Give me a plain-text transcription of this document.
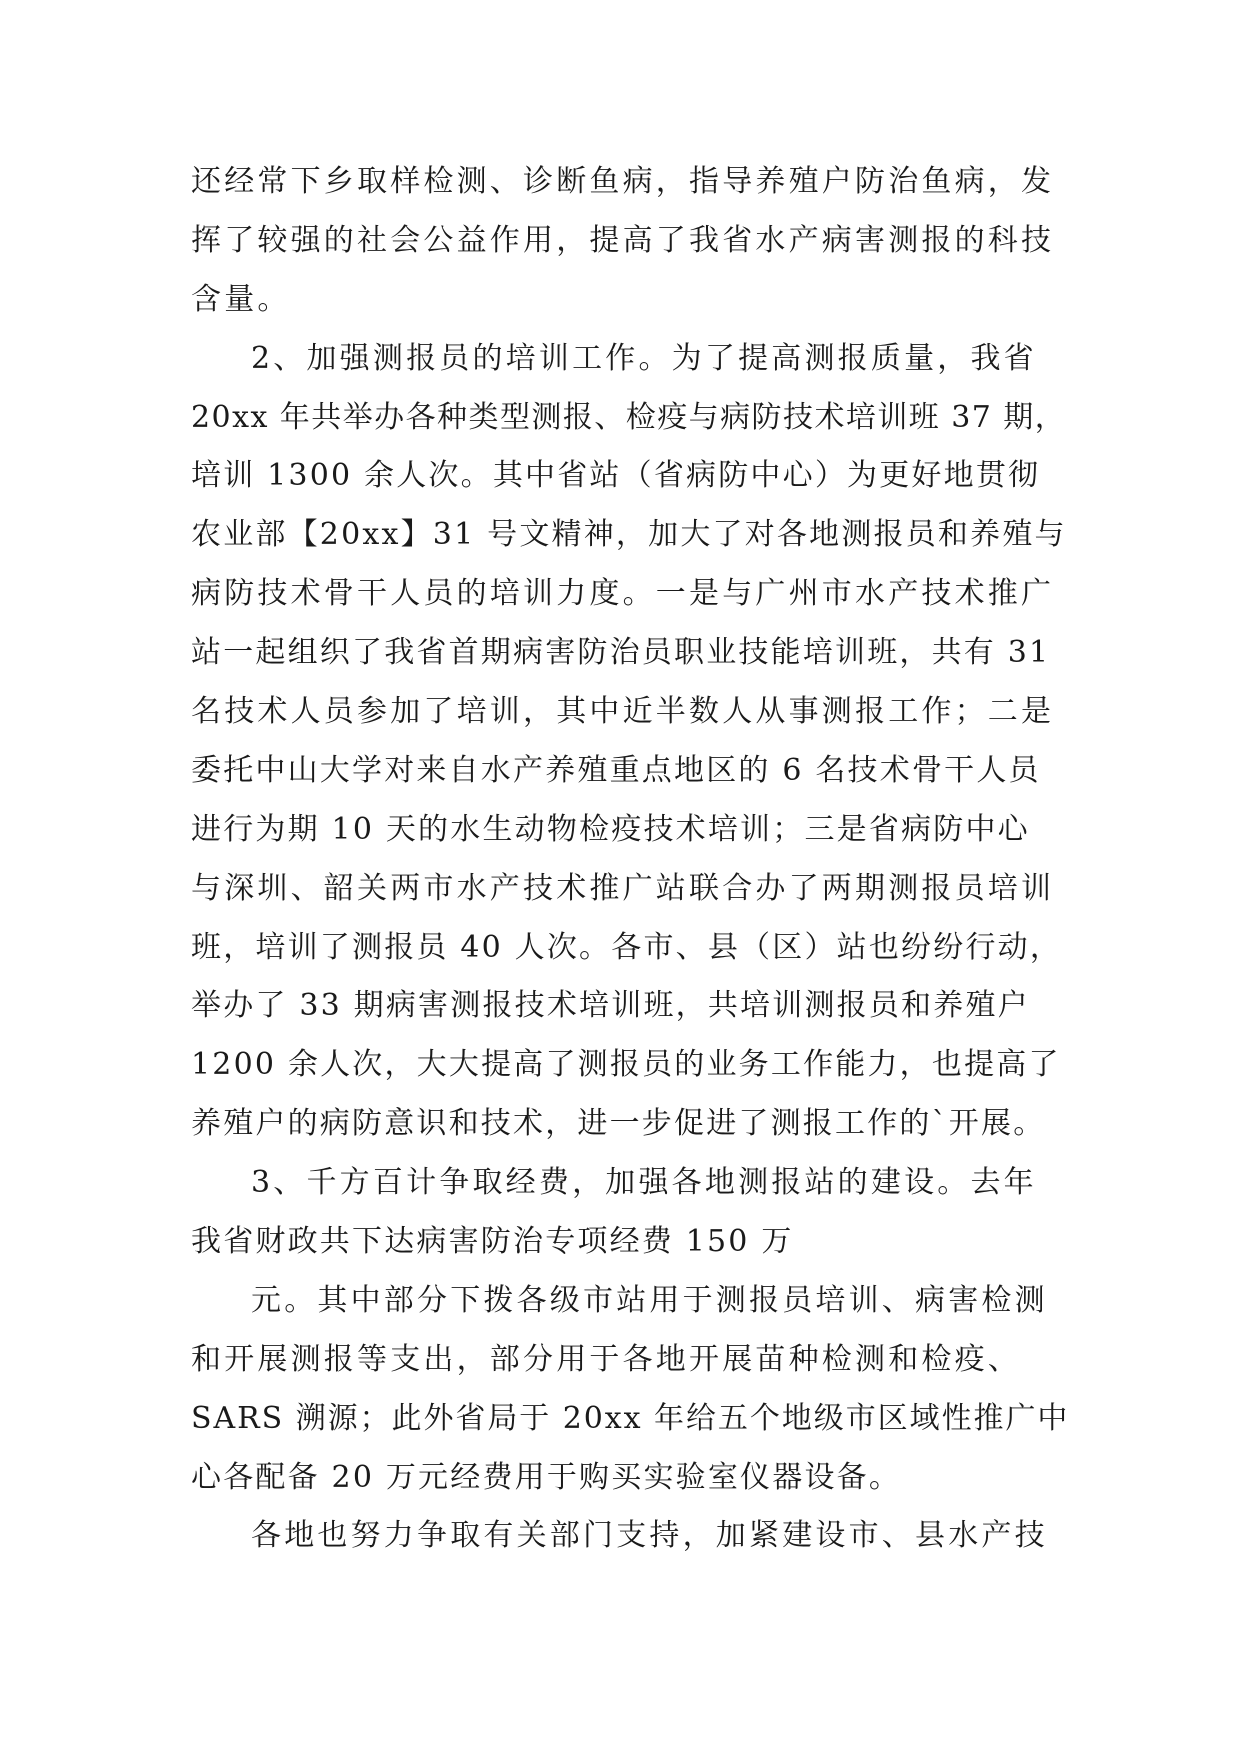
还经常下乡取样检测、诊断鱼病，指导养殖户防治鱼病，发
挥了较强的社会公益作用，提高了我省水产病害测报的科技
含量。
2、加强测报员的培训工作。为了提高测报质量，我省
20xx 年共举办各种类型测报、检疫与病防技术培训班 37 期，
培训 1300 余人次。其中省站（省病防中心）为更好地贯彻
农业部【20xx】31 号文精神，加大了对各地测报员和养殖与
病防技术骨干人员的培训力度。一是与广州市水产技术推广
站一起组织了我省首期病害防治员职业技能培训班，共有 31
名技术人员参加了培训，其中近半数人从事测报工作；二是
委托中山大学对来自水产养殖重点地区的 6 名技术骨干人员
进行为期 10 天的水生动物检疫技术培训；三是省病防中心
与深圳、韶关两市水产技术推广站联合办了两期测报员培训
班，培训了测报员 40 人次。各市、县（区）站也纷纷行动，
举办了 33 期病害测报技术培训班，共培训测报员和养殖户
1200 余人次，大大提高了测报员的业务工作能力，也提高了
养殖户的病防意识和技术，进一步促进了测报工作的`开展。
3、千方百计争取经费，加强各地测报站的建设。去年
我省财政共下达病害防治专项经费 150 万
元。其中部分下拨各级市站用于测报员培训、病害检测
和开展测报等支出，部分用于各地开展苗种检测和检疫、
SARS 溯源；此外省局于 20xx 年给五个地级市区域性推广中
心各配备 20 万元经费用于购买实验室仪器设备。
各地也努力争取有关部门支持，加紧建设市、县水产技
